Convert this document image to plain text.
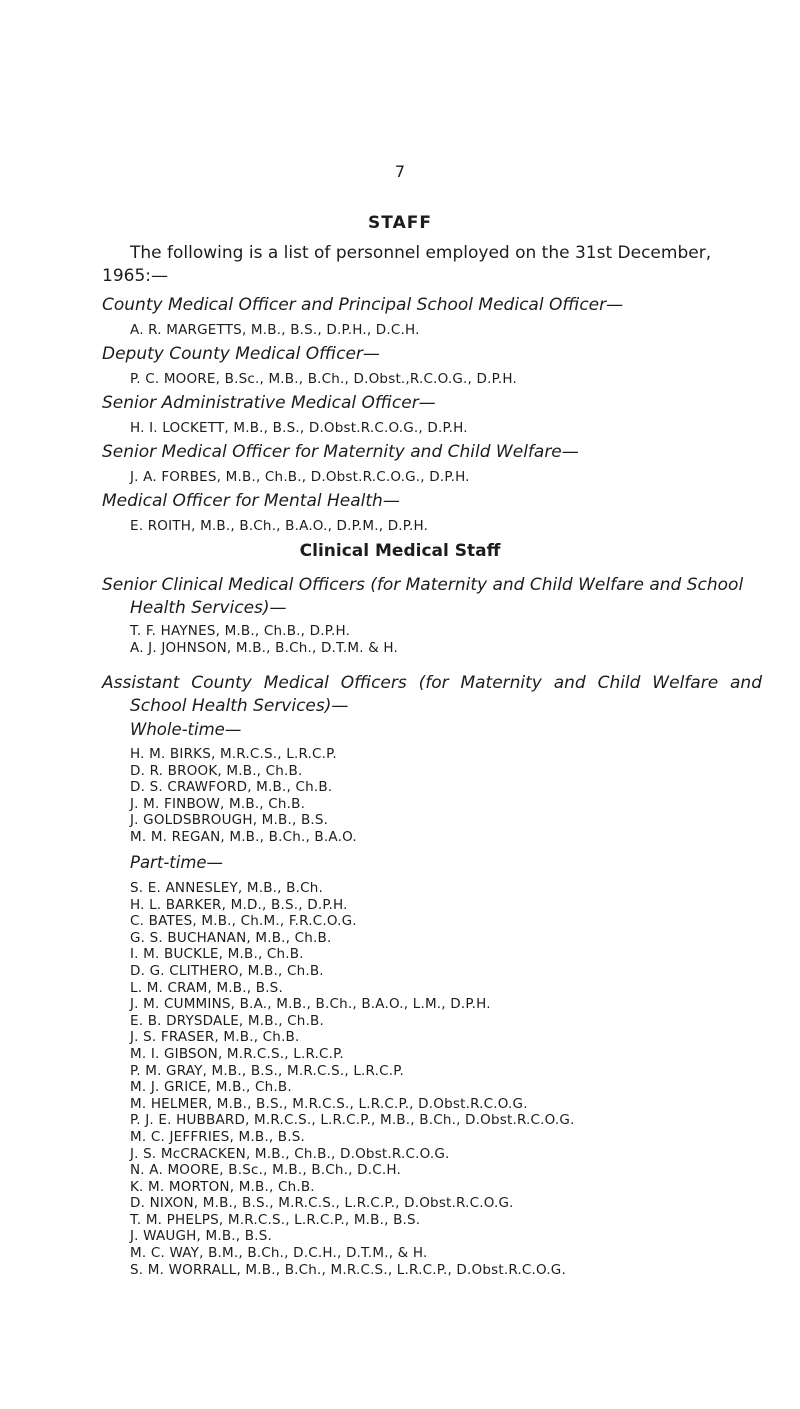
7
STAFF
The following is a list of personnel employed on the 31st December, 1965:—
County Medical Officer and Principal School Medical Officer—
A. R. MARGETTS, M.B., B.S., D.P.H., D.C.H.
Deputy County Medical Officer—
P. C. MOORE, B.Sc., M.B., B.Ch., D.Obst.,R.C.O.G., D.P.H.
Senior Administrative Medical Officer—
H. I. LOCKETT, M.B., B.S., D.Obst.R.C.O.G., D.P.H.
Senior Medical Officer for Maternity and Child Welfare—
J. A. FORBES, M.B., Ch.B., D.Obst.R.C.O.G., D.P.H.
Medical Officer for Mental Health—
E. ROITH, M.B., B.Ch., B.A.O., D.P.M., D.P.H.
Clinical Medical Staff
Senior Clinical Medical Officers (for Maternity and Child Welfare and School
Health Services)—
T. F. HAYNES, M.B., Ch.B., D.P.H.
A. J. JOHNSON, M.B., B.Ch., D.T.M. & H.
Assistant County Medical Officers (for Maternity and Child Welfare and
School Health Services)—
Whole-time—
H. M. BIRKS, M.R.C.S., L.R.C.P.
D. R. BROOK, M.B., Ch.B.
D. S. CRAWFORD, M.B., Ch.B.
J. M. FINBOW, M.B., Ch.B.
J. GOLDSBROUGH, M.B., B.S.
M. M. REGAN, M.B., B.Ch., B.A.O.
Part-time—
S. E. ANNESLEY, M.B., B.Ch.
H. L. BARKER, M.D., B.S., D.P.H.
C. BATES, M.B., Ch.M., F.R.C.O.G.
G. S. BUCHANAN, M.B., Ch.B.
I. M. BUCKLE, M.B., Ch.B.
D. G. CLITHERO, M.B., Ch.B.
L. M. CRAM, M.B., B.S.
J. M. CUMMINS, B.A., M.B., B.Ch., B.A.O., L.M., D.P.H.
E. B. DRYSDALE, M.B., Ch.B.
J. S. FRASER, M.B., Ch.B.
M. I. GIBSON, M.R.C.S., L.R.C.P.
P. M. GRAY, M.B., B.S., M.R.C.S., L.R.C.P.
M. J. GRICE, M.B., Ch.B.
M. HELMER, M.B., B.S., M.R.C.S., L.R.C.P., D.Obst.R.C.O.G.
P. J. E. HUBBARD, M.R.C.S., L.R.C.P., M.B., B.Ch., D.Obst.R.C.O.G.
M. C. JEFFRIES, M.B., B.S.
J. S. McCRACKEN, M.B., Ch.B., D.Obst.R.C.O.G.
N. A. MOORE, B.Sc., M.B., B.Ch., D.C.H.
K. M. MORTON, M.B., Ch.B.
D. NIXON, M.B., B.S., M.R.C.S., L.R.C.P., D.Obst.R.C.O.G.
T. M. PHELPS, M.R.C.S., L.R.C.P., M.B., B.S.
J. WAUGH, M.B., B.S.
M. C. WAY, B.M., B.Ch., D.C.H., D.T.M., & H.
S. M. WORRALL, M.B., B.Ch., M.R.C.S., L.R.C.P., D.Obst.R.C.O.G.
